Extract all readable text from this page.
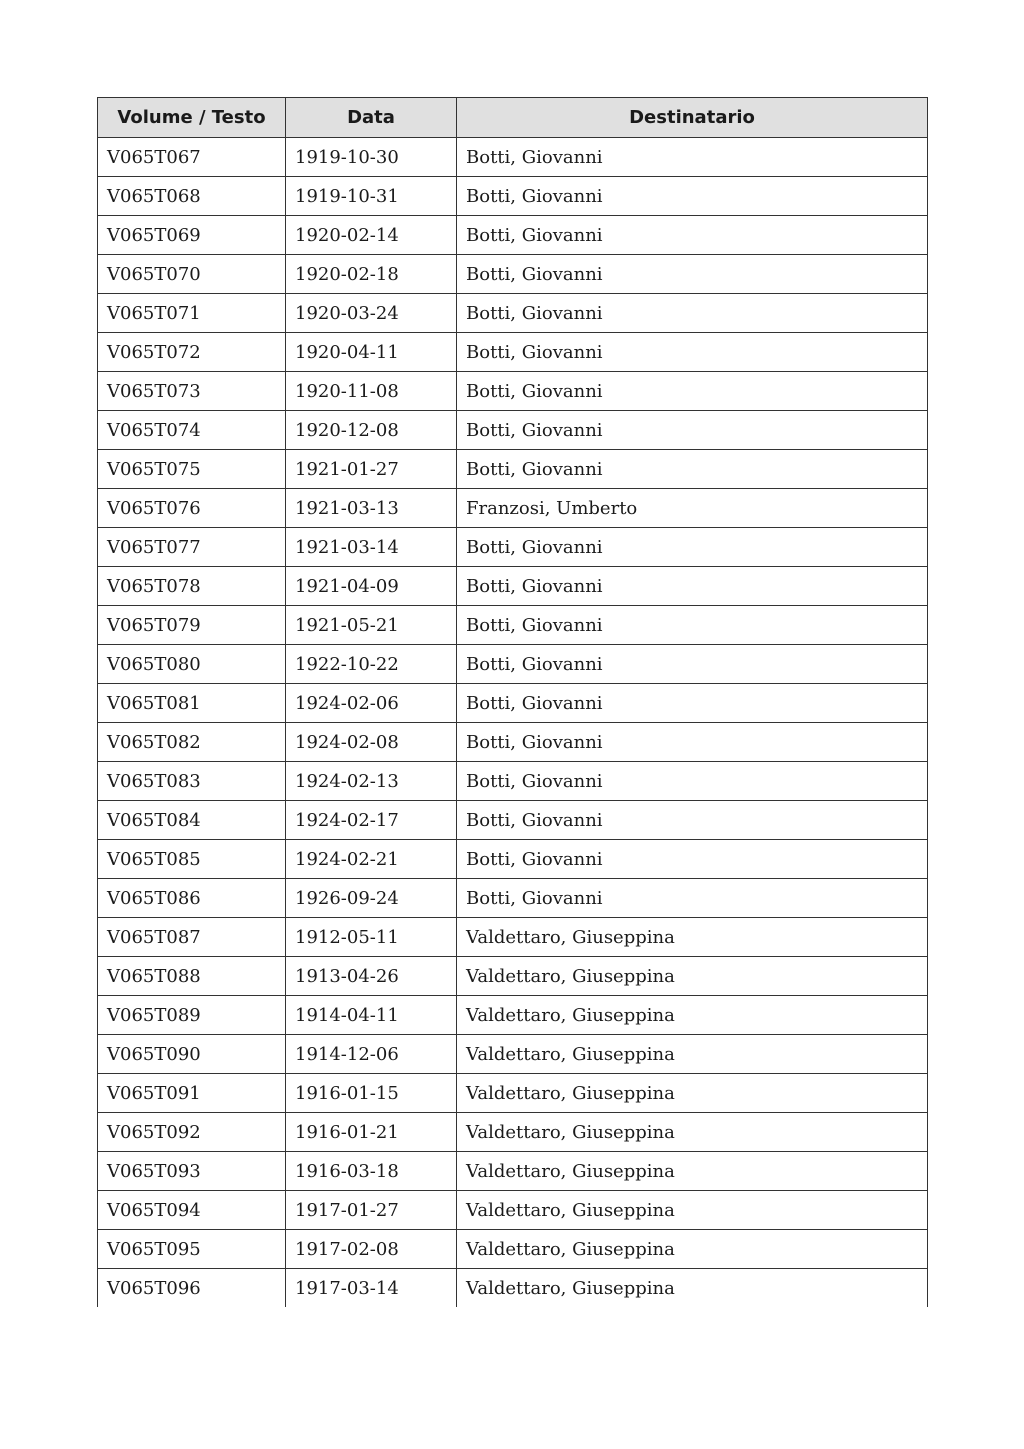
Volume / Testo	Data	Destinatario
V065T067	1919-10-30	Botti, Giovanni
V065T068	1919-10-31	Botti, Giovanni
V065T069	1920-02-14	Botti, Giovanni
V065T070	1920-02-18	Botti, Giovanni
V065T071	1920-03-24	Botti, Giovanni
V065T072	1920-04-11	Botti, Giovanni
V065T073	1920-11-08	Botti, Giovanni
V065T074	1920-12-08	Botti, Giovanni
V065T075	1921-01-27	Botti, Giovanni
V065T076	1921-03-13	Franzosi, Umberto
V065T077	1921-03-14	Botti, Giovanni
V065T078	1921-04-09	Botti, Giovanni
V065T079	1921-05-21	Botti, Giovanni
V065T080	1922-10-22	Botti, Giovanni
V065T081	1924-02-06	Botti, Giovanni
V065T082	1924-02-08	Botti, Giovanni
V065T083	1924-02-13	Botti, Giovanni
V065T084	1924-02-17	Botti, Giovanni
V065T085	1924-02-21	Botti, Giovanni
V065T086	1926-09-24	Botti, Giovanni
V065T087	1912-05-11	Valdettaro, Giuseppina
V065T088	1913-04-26	Valdettaro, Giuseppina
V065T089	1914-04-11	Valdettaro, Giuseppina
V065T090	1914-12-06	Valdettaro, Giuseppina
V065T091	1916-01-15	Valdettaro, Giuseppina
V065T092	1916-01-21	Valdettaro, Giuseppina
V065T093	1916-03-18	Valdettaro, Giuseppina
V065T094	1917-01-27	Valdettaro, Giuseppina
V065T095	1917-02-08	Valdettaro, Giuseppina
V065T096	1917-03-14	Valdettaro, Giuseppina
